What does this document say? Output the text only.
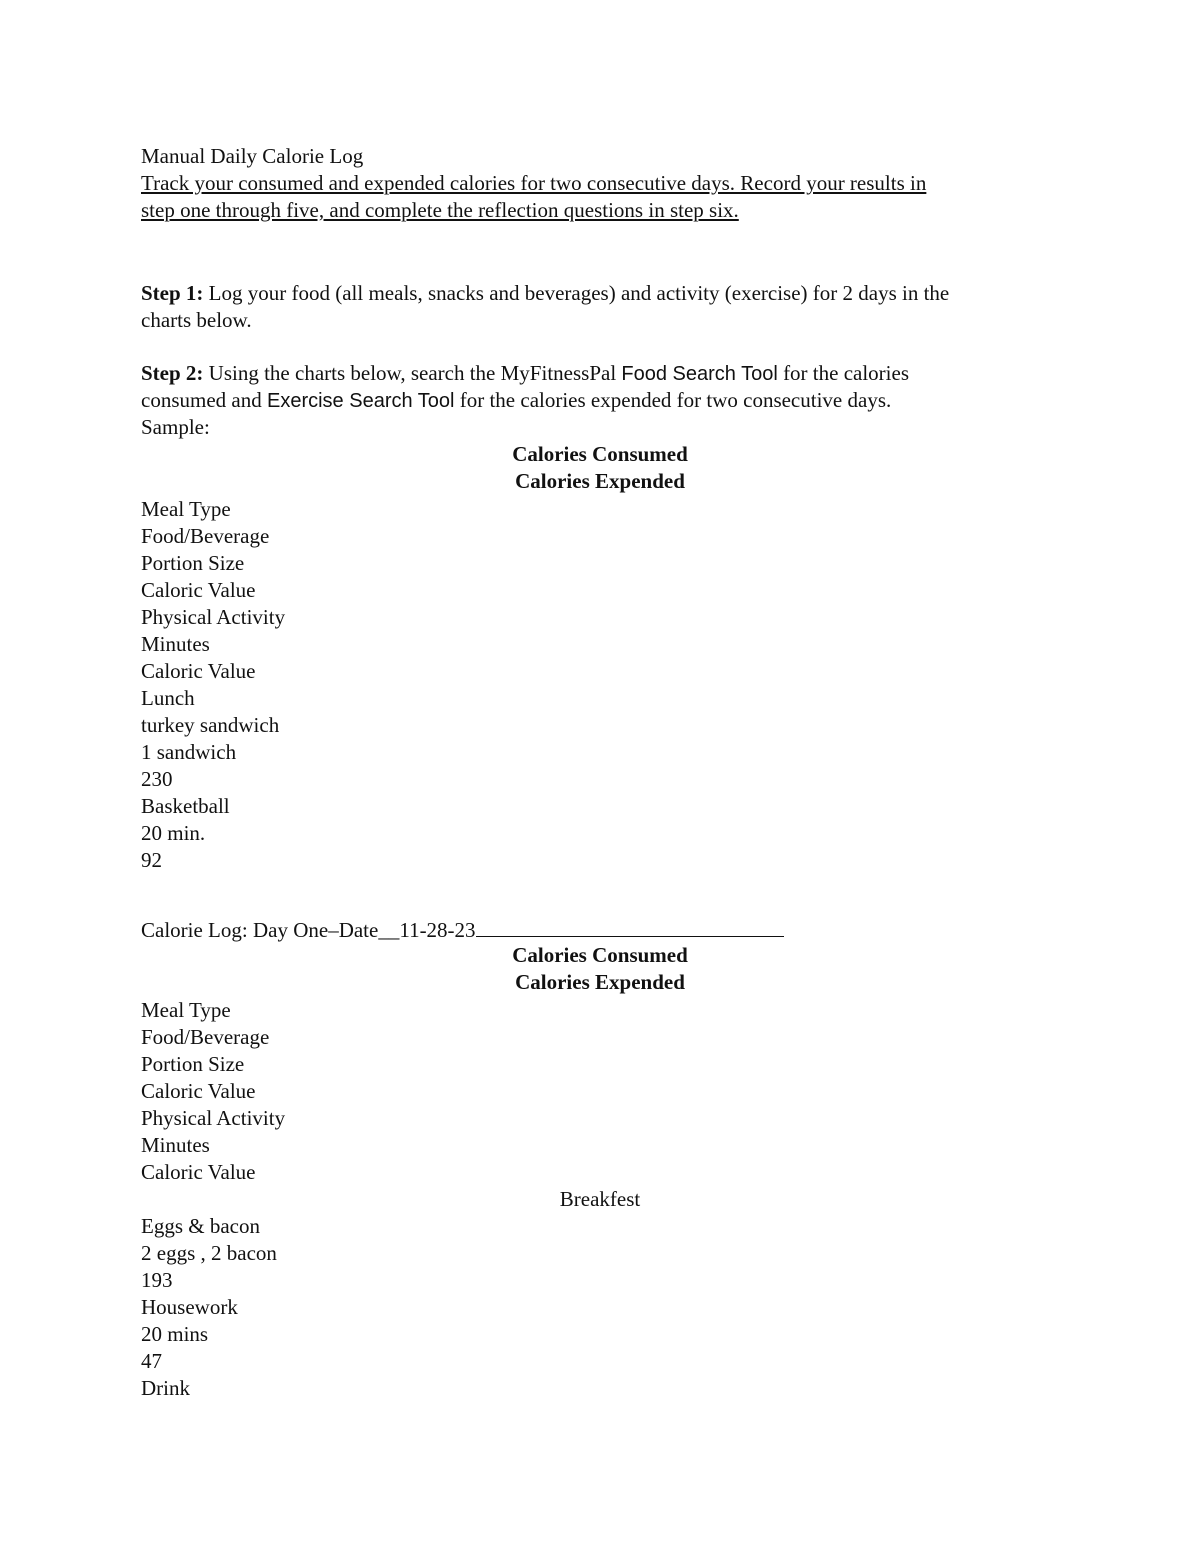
Manual Daily Calorie Log
Track your consumed and expended calories for two consecutive days. Record your results in
step one through five, and complete the reflection questions in step six.
Step 1: Log your food (all meals, snacks and beverages) and activity (exercise) for 2 days in the
charts below.
Step 2: Using the charts below, search the MyFitnessPal Food Search Tool for the calories
consumed and Exercise Search Tool for the calories expended for two consecutive days.
Sample:
Calories Consumed
Calories Expended
Meal Type
Food/Beverage
Portion Size
Caloric Value
Physical Activity
Minutes
Caloric Value
Lunch
turkey sandwich
1 sandwich
230
Basketball
20 min.
92
Calorie Log: Day One–Date__11-28-23
Calories Consumed
Calories Expended
Meal Type
Food/Beverage
Portion Size
Caloric Value
Physical Activity
Minutes
Caloric Value
Breakfest
Eggs & bacon
2 eggs , 2 bacon
193
Housework
20 mins
47
Drink
